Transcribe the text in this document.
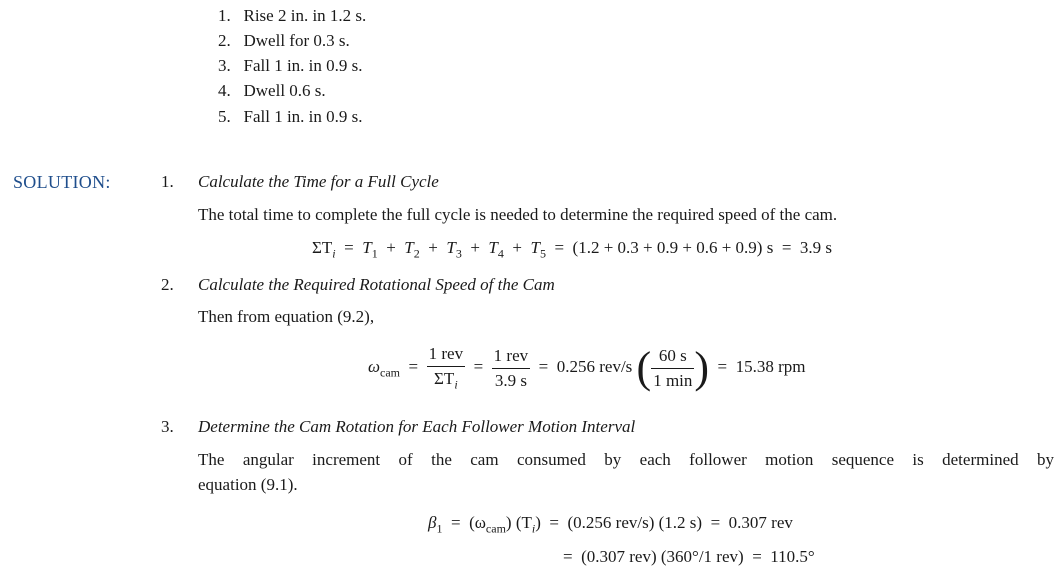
1. Rise 2 in. in 1.2 s.
2. Dwell for 0.3 s.
3. Fall 1 in. in 0.9 s.
4. Dwell 0.6 s.
5. Fall 1 in. in 0.9 s.
SOLUTION:	1. Calculate the Time for a Full Cycle
The total time to complete the full cycle is needed to determine the required speed of the cam.
$\Sigma T_i = T_1 + T_2 + T_3 + T_4 + T_5 = (1.2 + 0.3 + 0.9 + 0.6 + 0.9) s = 3.9$ s
2. Calculate the Required Rotational Speed of the Cam
Then from equation (9.2),
$\omega_{cam} = \frac{\text{1 rev}}{\Sigma T_i} = \frac{\text{1 rev}}{3.9 s} = 0.256$ rev/s ( $\frac{60 s}{1 \min}$ ) = 15.38 rpm
3. Determine the Cam Rotation for Each Follower Motion Interval
The angular increment of the cam consumed by each follower motion sequence is determined by
equation (9.1).
$\beta_1 = (\omega_{cam}) (T_i) = (0.256$ rev/s) (1.2 s) = 0.307 rev
= (0.307 rev) (360°/1 rev) = 110.5°
